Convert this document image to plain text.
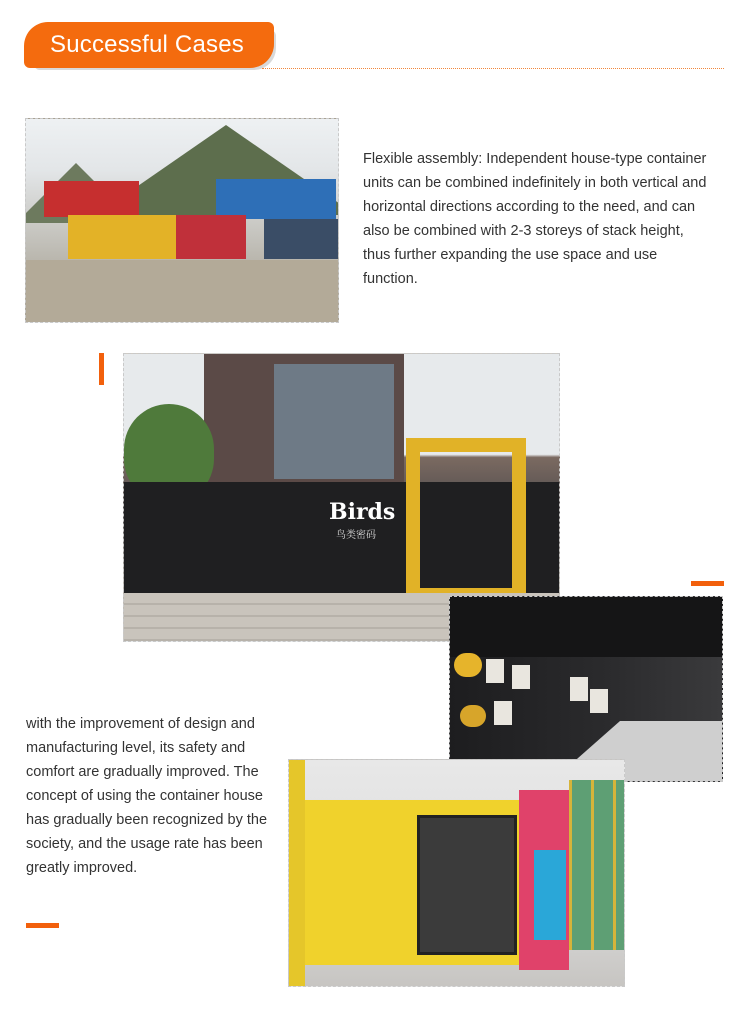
Successful Cases

Flexible assembly: Independent house-type container units can be combined indefinitely in both vertical and horizontal directions according to the need, and can also be combined with 2-3 storeys of stack height, thus further expanding the use space and use function.

Birds
鸟类密码

with the improvement of design and manufacturing level, its safety and comfort are gradually improved. The concept of using the container house has gradually been recognized by the society, and the usage rate has been greatly improved.
